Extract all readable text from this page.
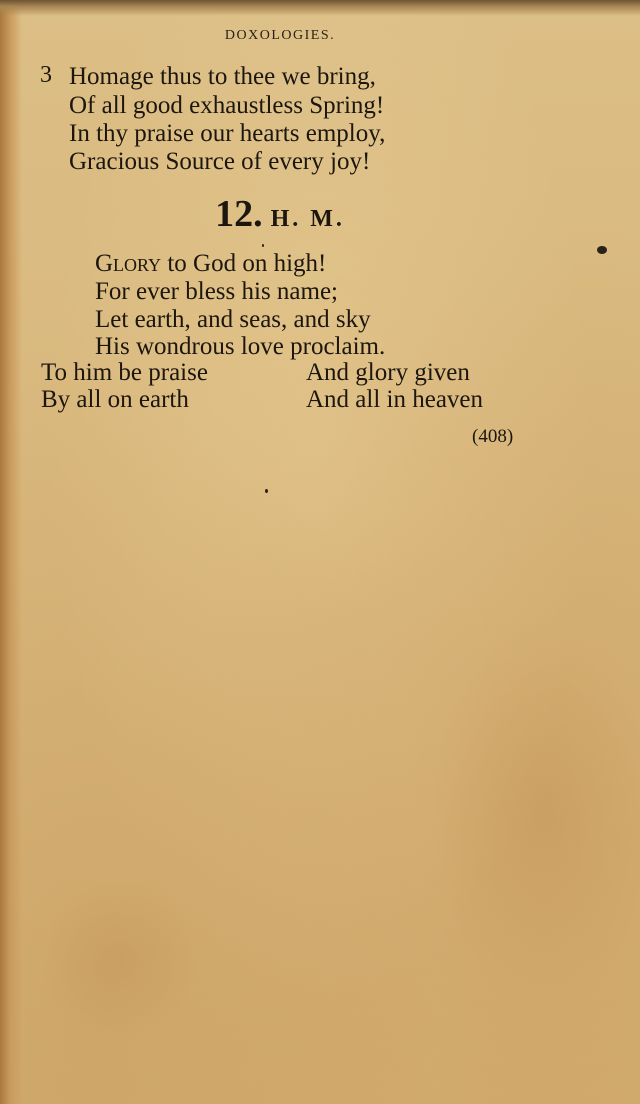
DOXOLOGIES.
3 Homage thus to thee we bring,
Of all good exhaustless Spring!
In thy praise our hearts employ,
Gracious Source of every joy!
12. H. M.
Glory to God on high!
For ever bless his name;
Let earth, and seas, and sky
His wondrous love proclaim.
To him be praise	And glory given
By all on earth	And all in heaven
(408)
